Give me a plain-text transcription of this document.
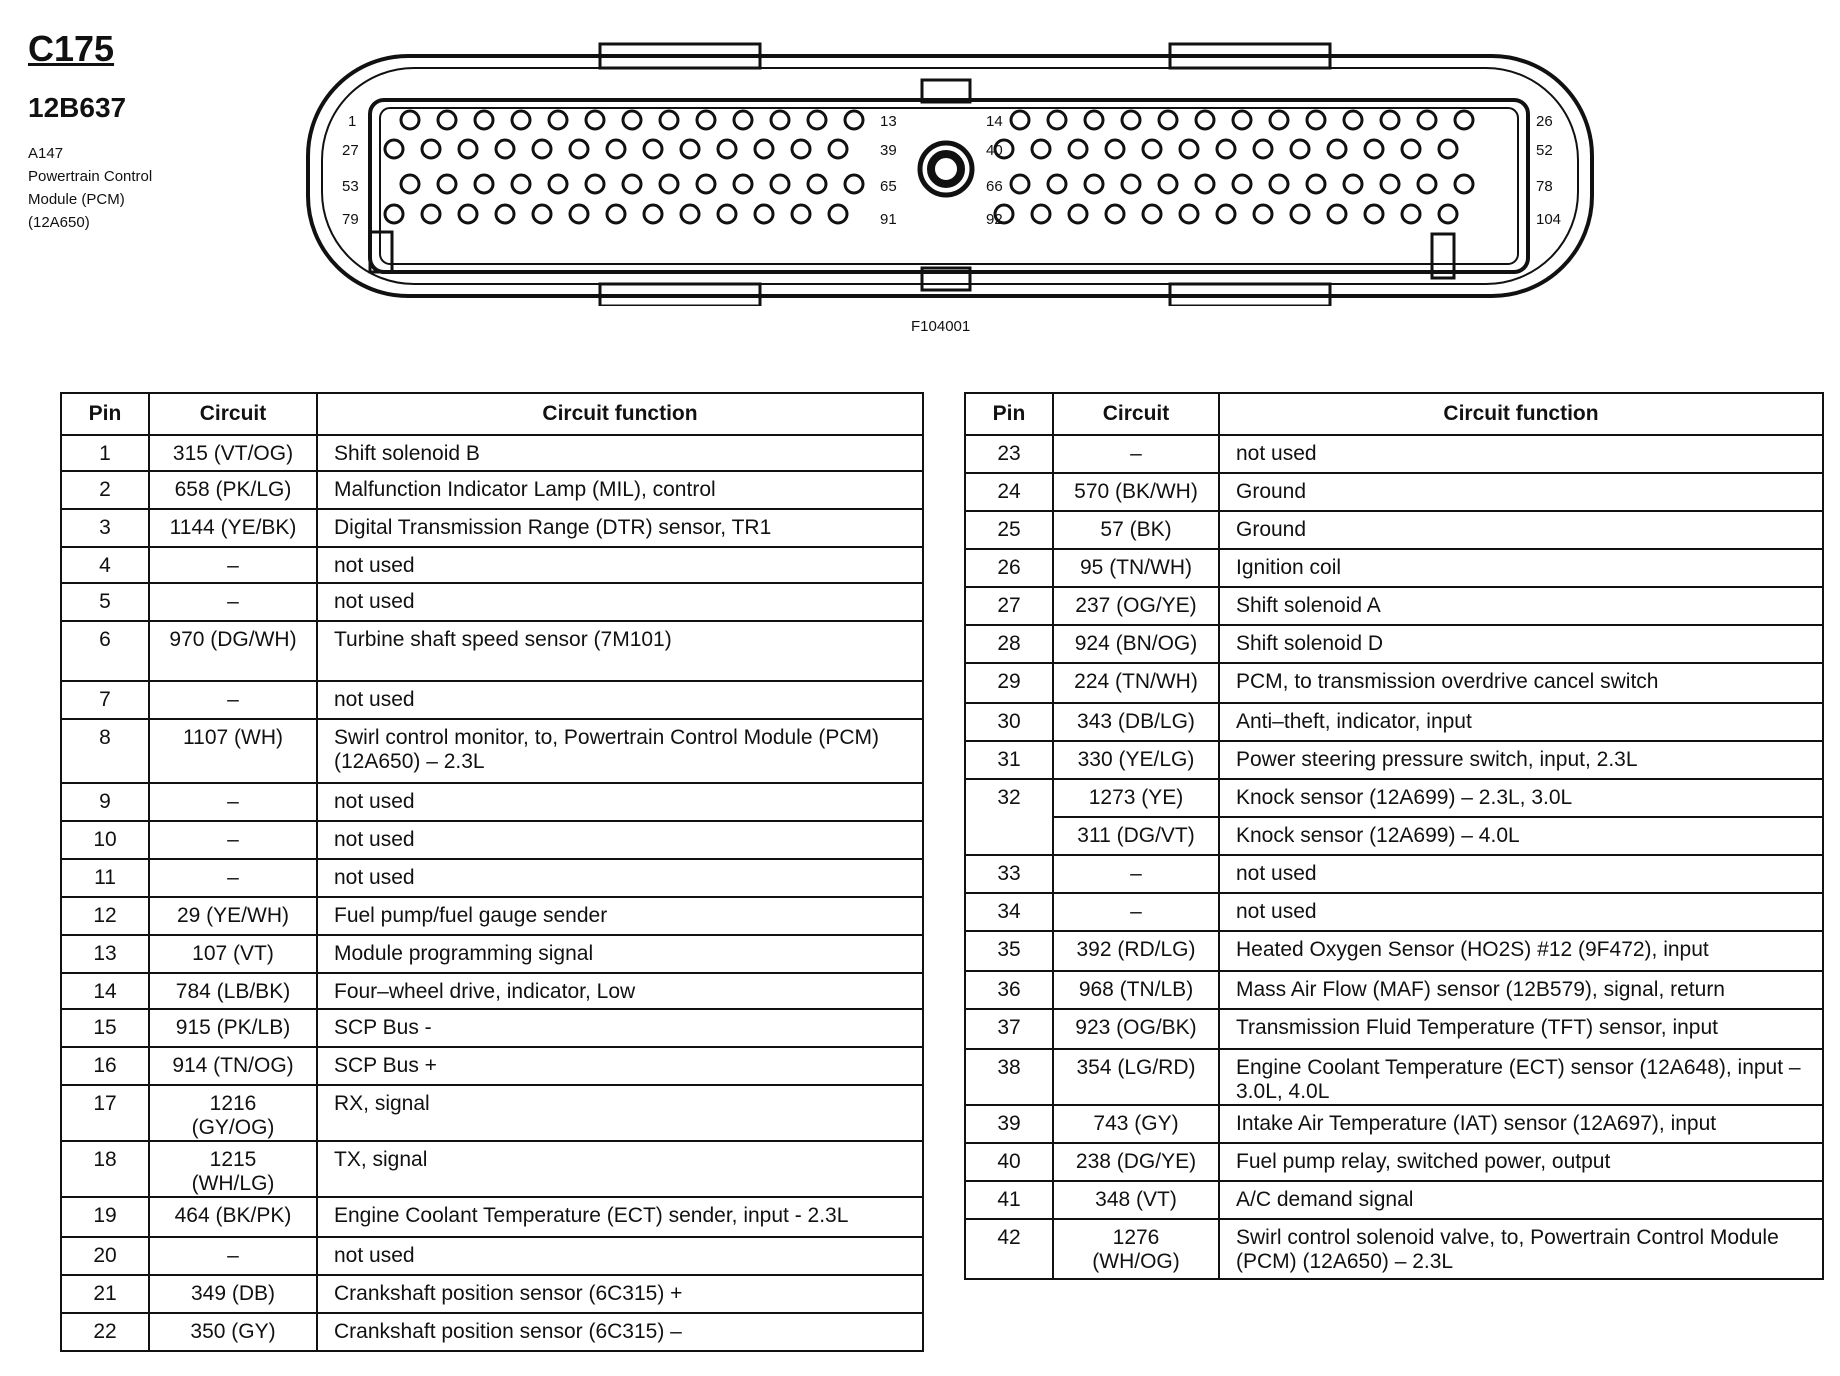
C175
12B637
A147
Powertrain Control
Module (PCM)
(12A650)
1
27
53
79
13
39
65
91
14
40
66
92
26
52
78
104
F104001
Pin	Circuit	Circuit function
1	315 (VT/OG)	Shift solenoid B
2	658 (PK/LG)	Malfunction Indicator Lamp (MIL), control
3	1144 (YE/BK)	Digital Transmission Range (DTR) sensor, TR1
4	–	not used
5	–	not used
6	970 (DG/WH)	Turbine shaft speed sensor (7M101)
7	–	not used
8	1107 (WH)	Swirl control monitor, to, Powertrain Control Module (PCM) (12A650) – 2.3L
9	–	not used
10	–	not used
11	–	not used
12	29 (YE/WH)	Fuel pump/fuel gauge sender
13	107 (VT)	Module programming signal
14	784 (LB/BK)	Four–wheel drive, indicator, Low
15	915 (PK/LB)	SCP Bus -
16	914 (TN/OG)	SCP Bus +
17	1216 (GY/OG)	RX, signal
18	1215 (WH/LG)	TX, signal
19	464 (BK/PK)	Engine Coolant Temperature (ECT) sender, input - 2.3L
20	–	not used
21	349 (DB)	Crankshaft position sensor (6C315) +
22	350 (GY)	Crankshaft position sensor (6C315) –
Pin	Circuit	Circuit function
23	–	not used
24	570 (BK/WH)	Ground
25	57 (BK)	Ground
26	95 (TN/WH)	Ignition coil
27	237 (OG/YE)	Shift solenoid A
28	924 (BN/OG)	Shift solenoid D
29	224 (TN/WH)	PCM, to transmission overdrive cancel switch
30	343 (DB/LG)	Anti–theft, indicator, input
31	330 (YE/LG)	Power steering pressure switch, input, 2.3L
32	1273 (YE)	Knock sensor (12A699) – 2.3L, 3.0L
	311 (DG/VT)	Knock sensor (12A699) – 4.0L
33	–	not used
34	–	not used
35	392 (RD/LG)	Heated Oxygen Sensor (HO2S) #12 (9F472), input
36	968 (TN/LB)	Mass Air Flow (MAF) sensor (12B579), signal, return
37	923 (OG/BK)	Transmission Fluid Temperature (TFT) sensor, input
38	354 (LG/RD)	Engine Coolant Temperature (ECT) sensor (12A648), input – 3.0L, 4.0L
39	743 (GY)	Intake Air Temperature (IAT) sensor (12A697), input
40	238 (DG/YE)	Fuel pump relay, switched power, output
41	348 (VT)	A/C demand signal
42	1276 (WH/OG)	Swirl control solenoid valve, to, Powertrain Control Module (PCM) (12A650) – 2.3L
